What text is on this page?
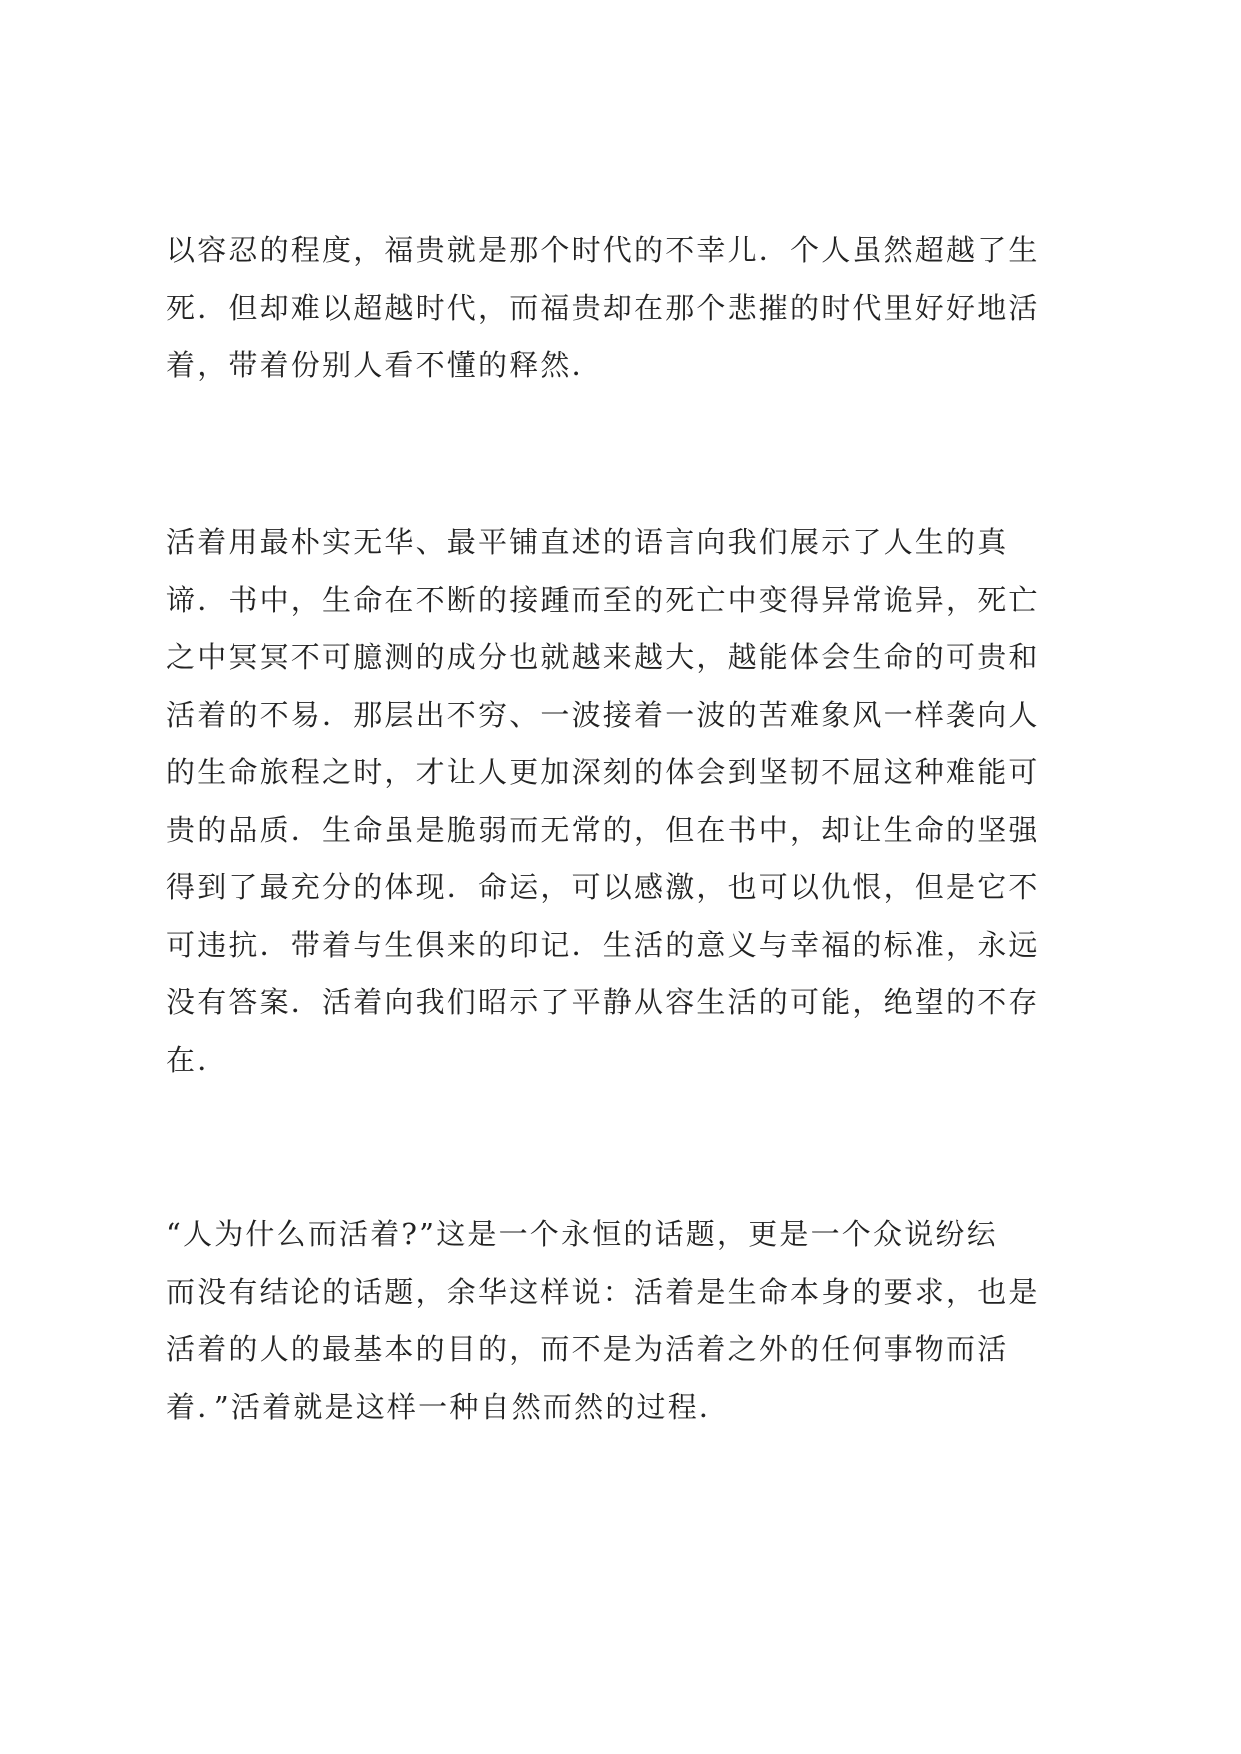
以容忍的程度，福贵就是那个时代的不幸儿．个人虽然超越了生
死．但却难以超越时代，而福贵却在那个悲摧的时代里好好地活
着，带着份别人看不懂的释然．
活着用最朴实无华、最平铺直述的语言向我们展示了人生的真
谛．书中，生命在不断的接踵而至的死亡中变得异常诡异，死亡
之中冥冥不可臆测的成分也就越来越大，越能体会生命的可贵和
活着的不易．那层出不穷、一波接着一波的苦难象风一样袭向人
的生命旅程之时，才让人更加深刻的体会到坚韧不屈这种难能可
贵的品质．生命虽是脆弱而无常的，但在书中，却让生命的坚强
得到了最充分的体现．命运，可以感激，也可以仇恨，但是它不
可违抗．带着与生俱来的印记．生活的意义与幸福的标准，永远
没有答案．活着向我们昭示了平静从容生活的可能，绝望的不存
在．
“人为什么而活着?”这是一个永恒的话题，更是一个众说纷纭
而没有结论的话题，余华这样说：活着是生命本身的要求，也是
活着的人的最基本的目的，而不是为活着之外的任何事物而活
着．”活着就是这样一种自然而然的过程．
